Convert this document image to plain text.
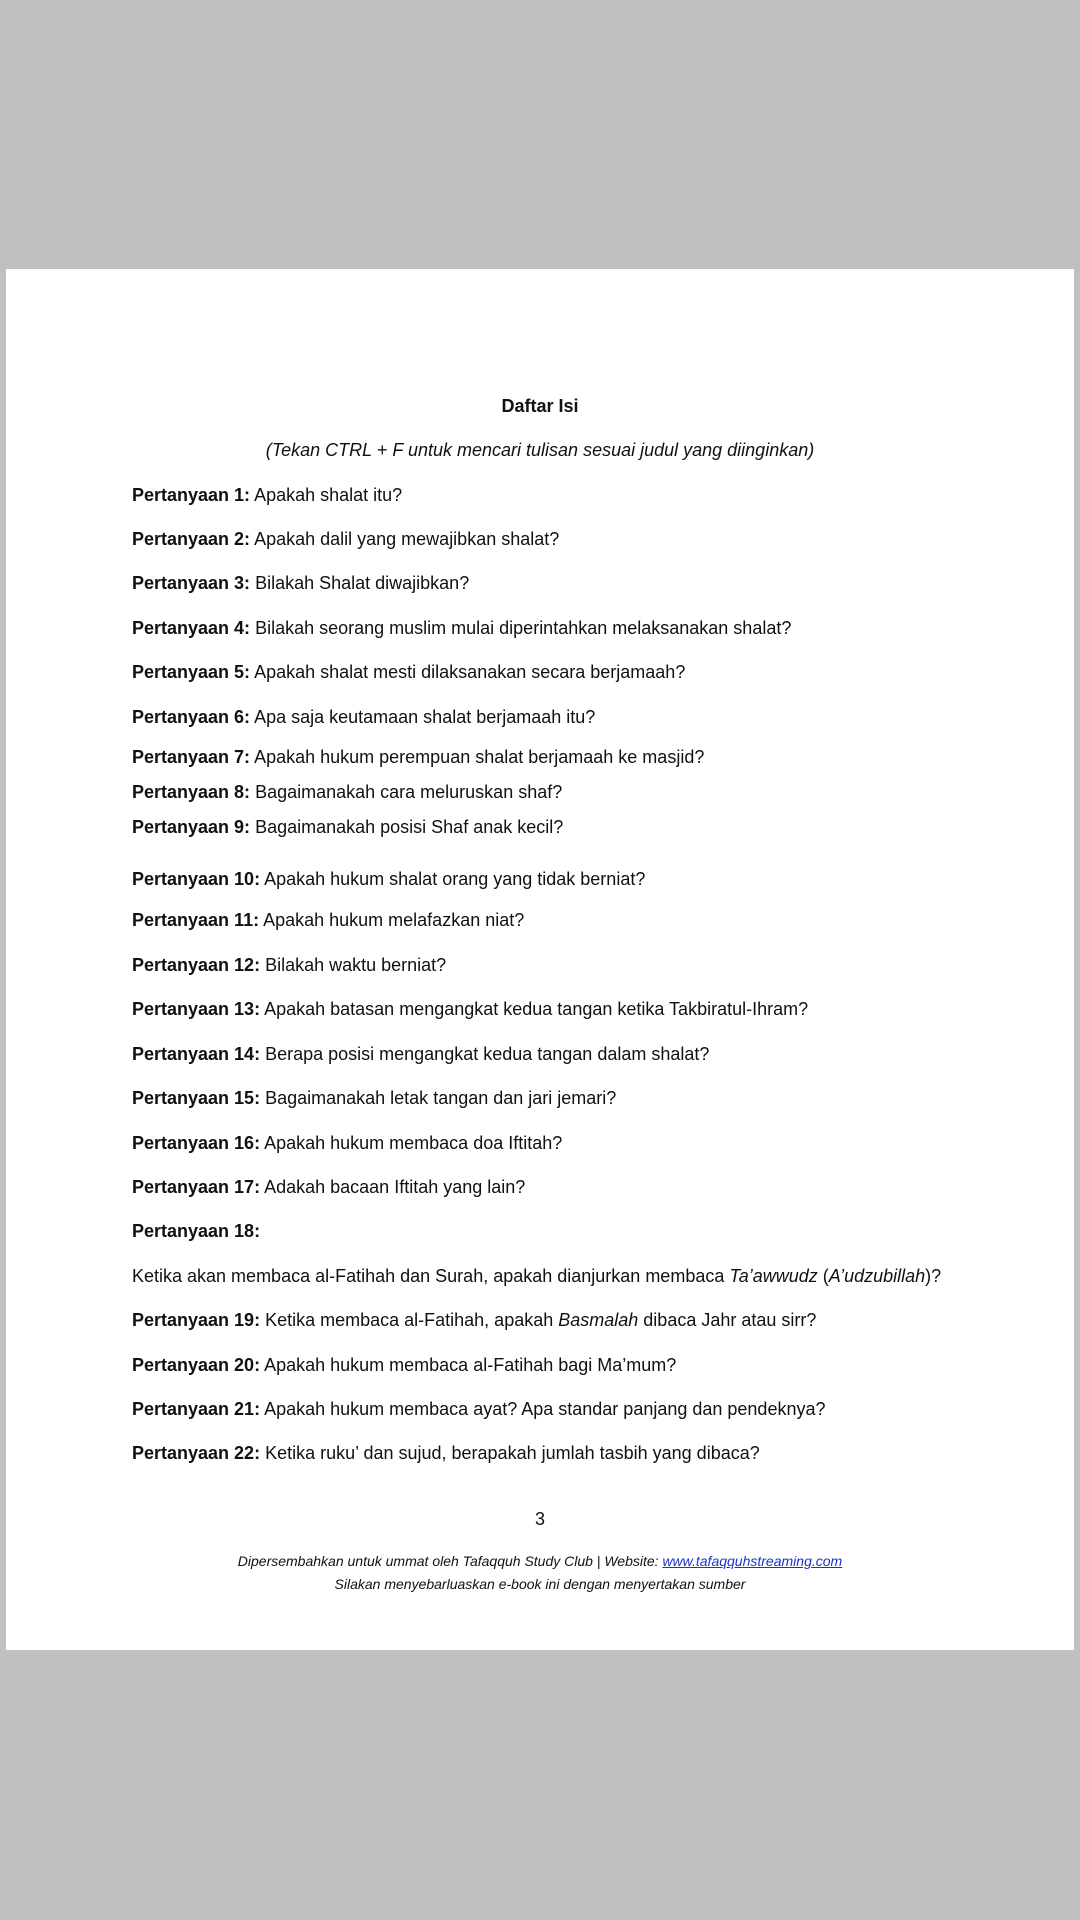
Daftar Isi
(Tekan CTRL + F untuk mencari tulisan sesuai judul yang diinginkan)
Pertanyaan 1: Apakah shalat itu?
Pertanyaan 2: Apakah dalil yang mewajibkan shalat?
Pertanyaan 3: Bilakah Shalat diwajibkan?
Pertanyaan 4: Bilakah seorang muslim mulai diperintahkan melaksanakan shalat?
Pertanyaan 5: Apakah shalat mesti dilaksanakan secara berjamaah?
Pertanyaan 6: Apa saja keutamaan shalat berjamaah itu?
Pertanyaan 7: Apakah hukum perempuan shalat berjamaah ke masjid?
Pertanyaan 8: Bagaimanakah cara meluruskan shaf?
Pertanyaan 9: Bagaimanakah posisi Shaf anak kecil?
Pertanyaan 10: Apakah hukum shalat orang yang tidak berniat?
Pertanyaan 11: Apakah hukum melafazkan niat?
Pertanyaan 12: Bilakah waktu berniat?
Pertanyaan 13: Apakah batasan mengangkat kedua tangan ketika Takbiratul-Ihram?
Pertanyaan 14: Berapa posisi mengangkat kedua tangan dalam shalat?
Pertanyaan 15: Bagaimanakah letak tangan dan jari jemari?
Pertanyaan 16: Apakah hukum membaca doa Iftitah?
Pertanyaan 17: Adakah bacaan Iftitah yang lain?
Pertanyaan 18:
Ketika akan membaca al-Fatihah dan Surah, apakah dianjurkan membaca Ta’awwudz (A’udzubillah)?
Pertanyaan 19: Ketika membaca al-Fatihah, apakah Basmalah dibaca Jahr atau sirr?
Pertanyaan 20: Apakah hukum membaca al-Fatihah bagi Ma’mum?
Pertanyaan 21: Apakah hukum membaca ayat? Apa standar panjang dan pendeknya?
Pertanyaan 22: Ketika ruku’ dan sujud, berapakah jumlah tasbih yang dibaca?
3
Dipersembahkan untuk ummat oleh Tafaqquh Study Club | Website: www.tafaqquhstreaming.com
Silakan menyebarluaskan e-book ini dengan menyertakan sumber
